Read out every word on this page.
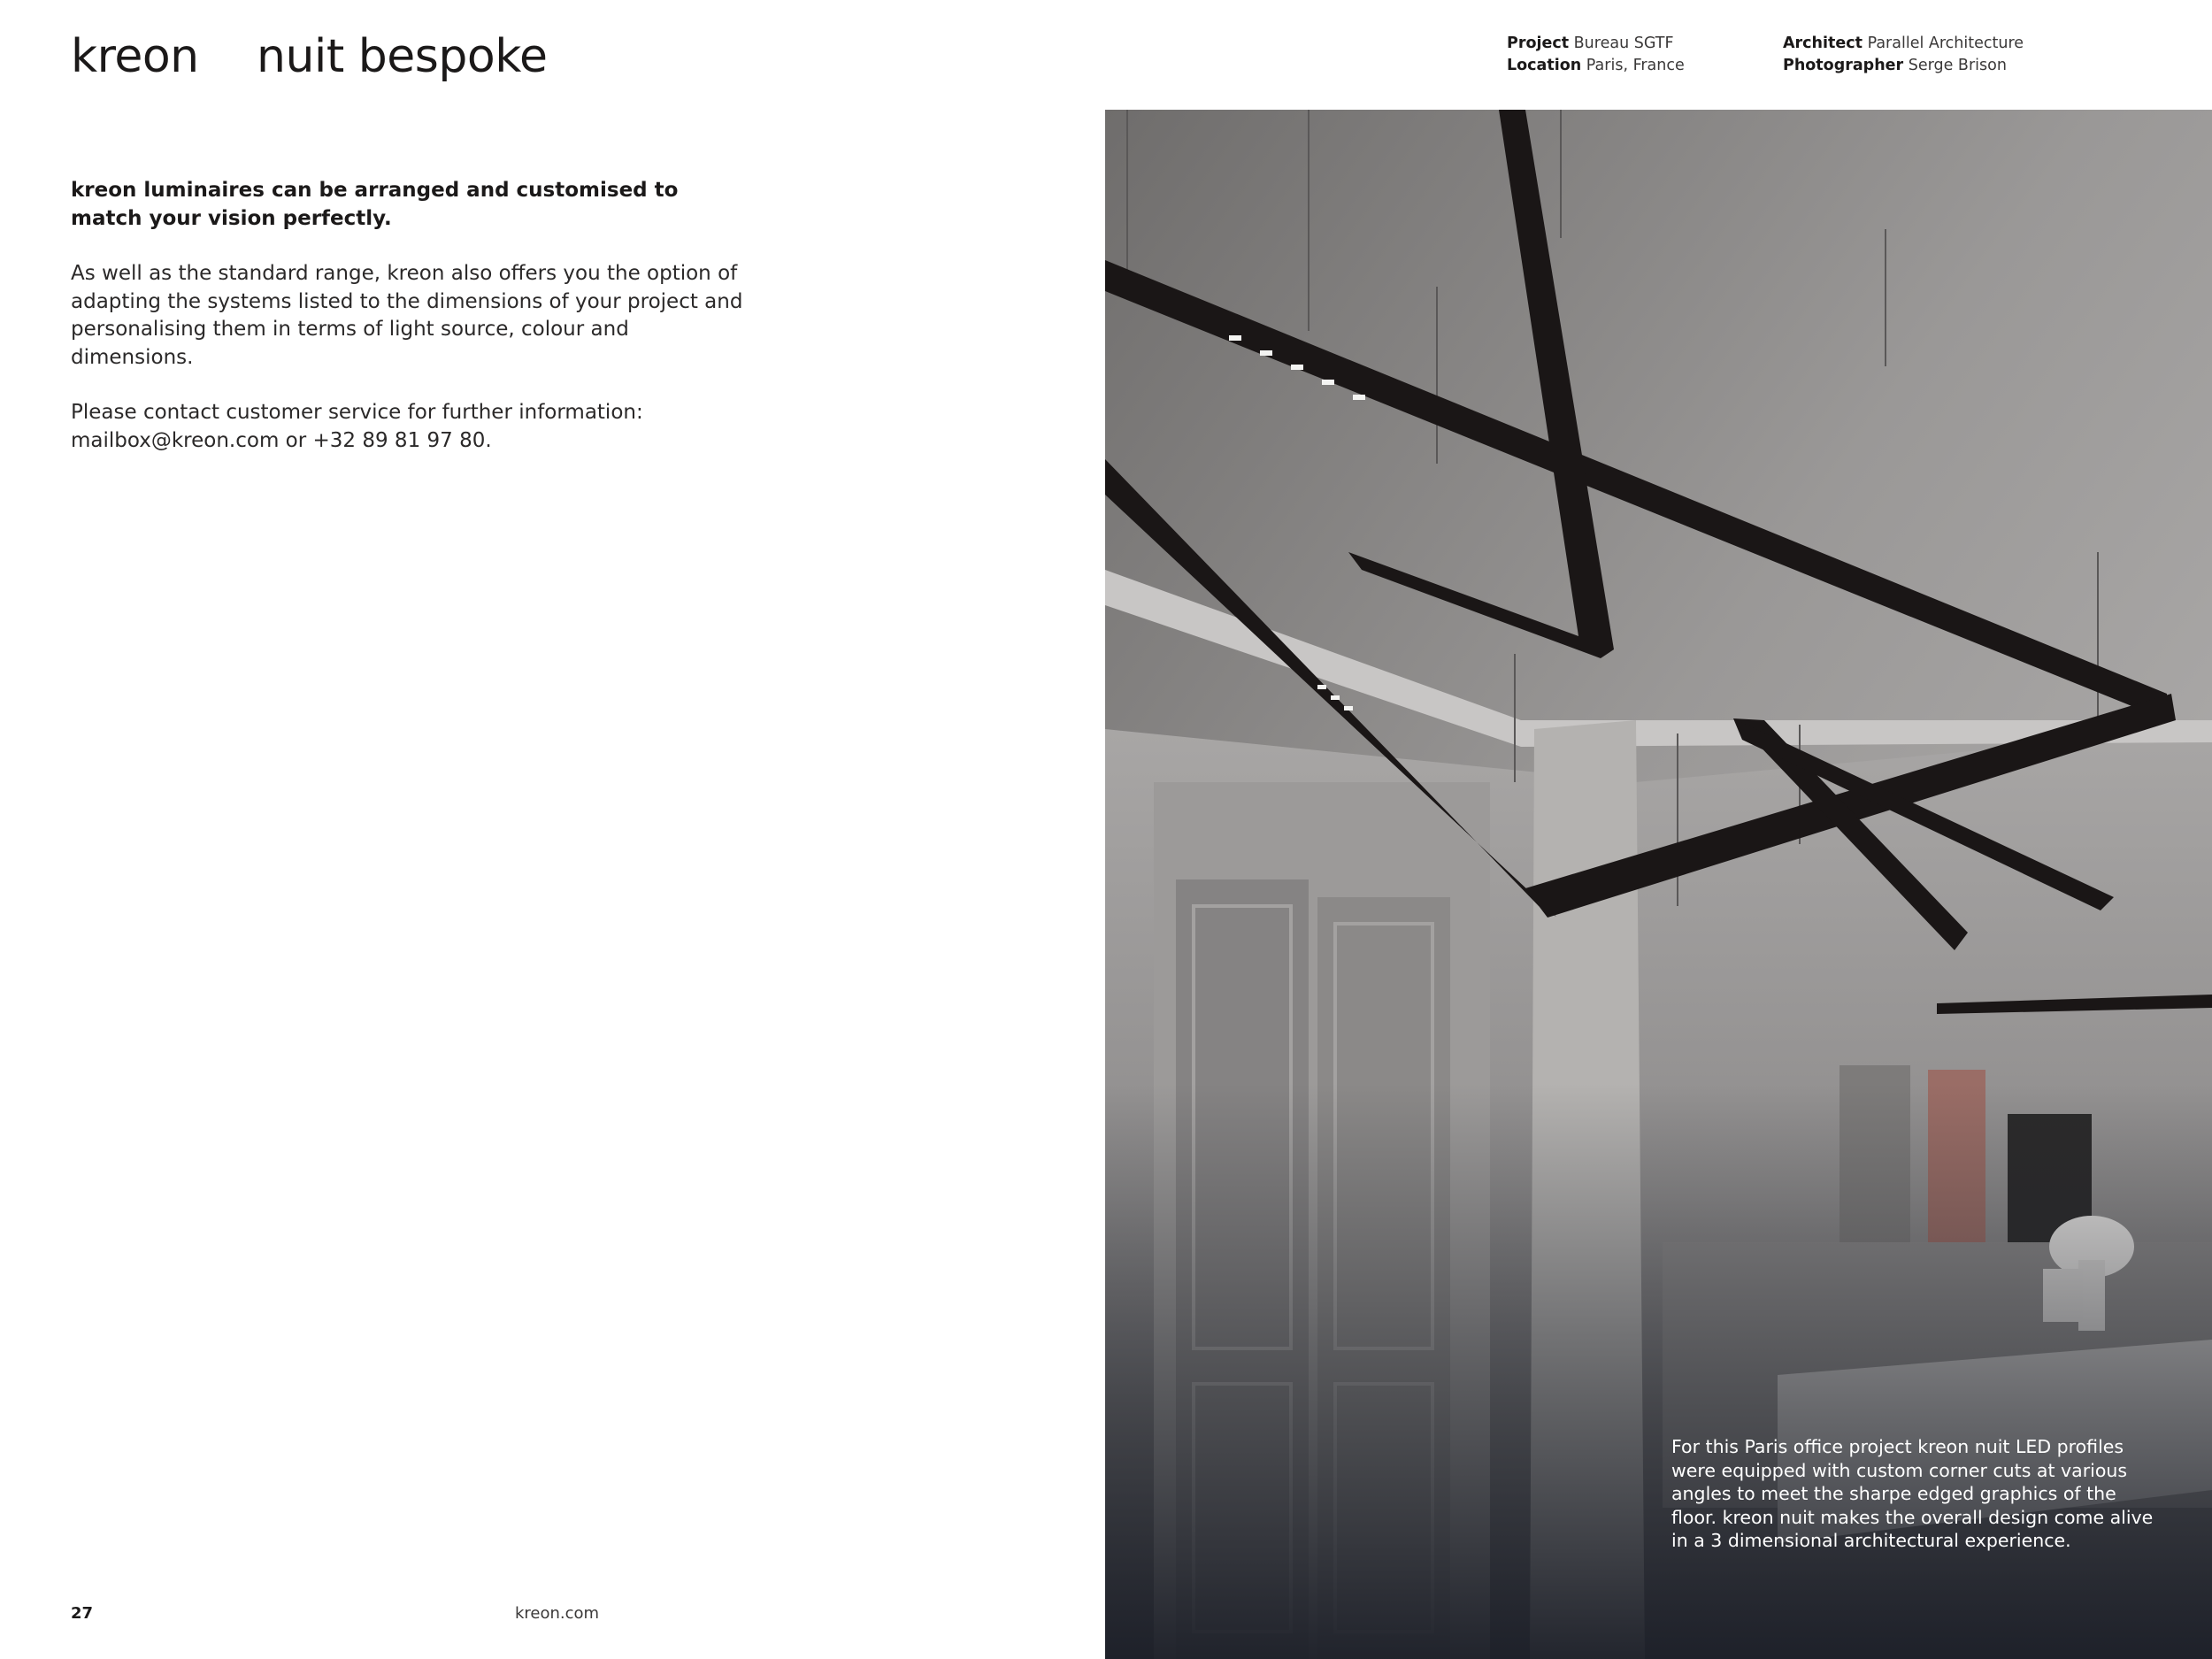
kreon nuit bespoke	Project Bureau SGTF
Location Paris, France
Architect Parallel Architecture
Photographer Serge Brison

kreon luminaires can be arranged and customised to match your vision perfectly.

As well as the standard range, kreon also offers you the option of adapting the systems listed to the dimensions of your project and personalising them in terms of light source, colour and dimensions.

Please contact customer service for further information: mailbox@kreon.com or +32 89 81 97 80.

27	kreon.com
For this Paris office project kreon nuit LED profiles were equipped with custom corner cuts at various angles to meet the sharpe edged graphics of the floor. kreon nuit makes the overall design come alive in a 3 dimensional architectural experience.
